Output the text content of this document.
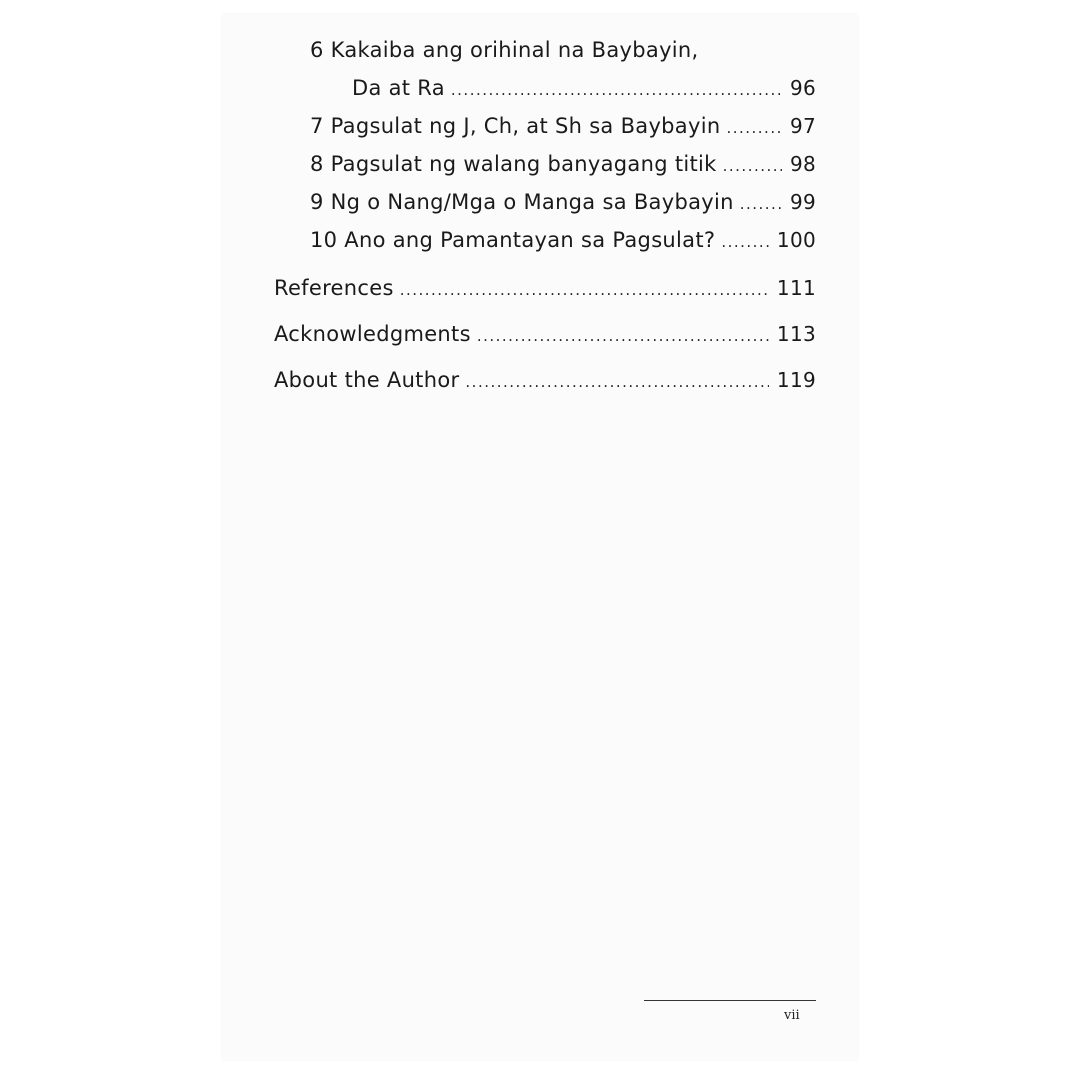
6 Kakaiba ang orihinal na Baybayin,
Da at Ra .....	96
7 Pagsulat ng J, Ch, at Sh sa Baybayin .....	97
8 Pagsulat ng walang banyagang titik .....	98
9 Ng o Nang/Mga o Manga sa Baybayin .....	99
10 Ano ang Pamantayan sa Pagsulat? .....	100
References .....	111
Acknowledgments .....	113
About the Author .....	119
vii
